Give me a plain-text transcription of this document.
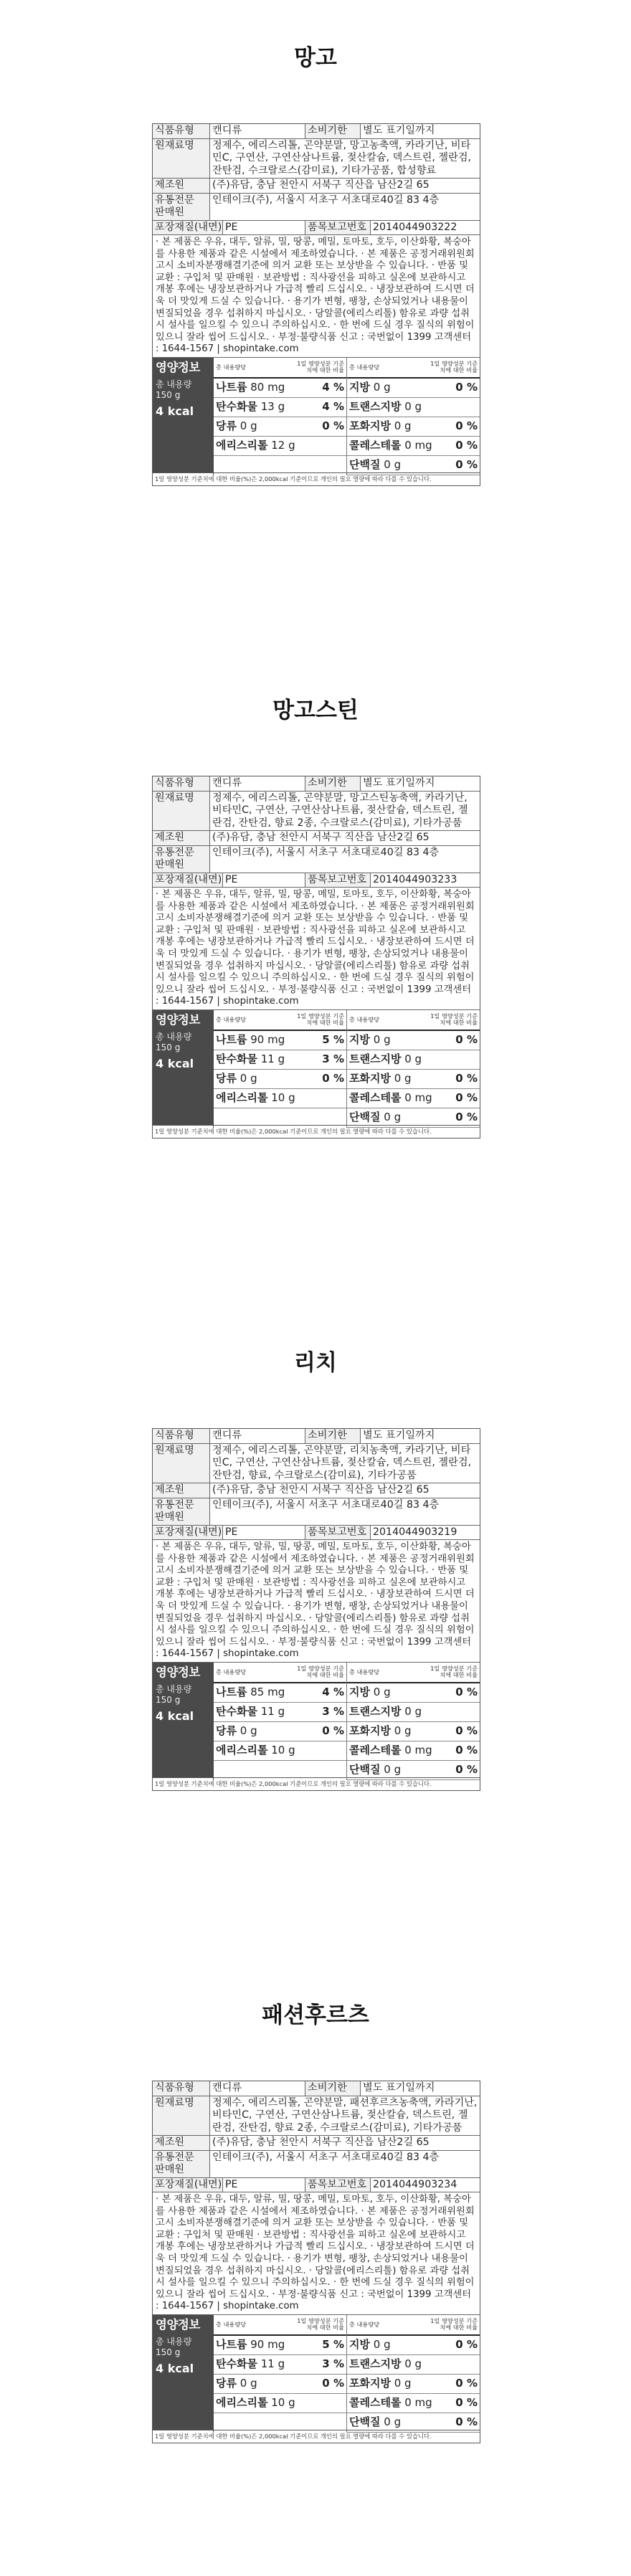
망고
식품유형	캔디류	소비기한	별도 표기일까지
원재료명	정제수, 에리스리톨, 곤약분말, 망고농축액, 카라기난, 비타민C, 구연산, 구연산삼나트륨, 젖산칼슘, 덱스트린, 젤란검, 잔탄검, 수크랄로스(감미료), 기타가공품, 합성향료
제조원	(주)유담, 충남 천안시 서북구 직산읍 남산2길 65
유통전문 판매원
인테이크(주), 서울시 서초구 서초대로40길 83 4층
포장재질(내면) PE	품목보고번호 2014044903222
· 본 제품은 우유, 대두, 알류, 밀, 땅콩, 메밀, 토마토, 호두, 이산화황, 복숭아를 사용한 제품과 같은 시설에서 제조하였습니다. · 본 제품은 공정거래위원회고시 소비자분쟁해결기준에 의거 교환 또는 보상받을 수 있습니다. · 반품 및 교환 : 구입처 및 판매원 · 보관방법 : 직사광선을 피하고 실온에 보관하시고 개봉 후에는 냉장보관하거나 가급적 빨리 드십시오. · 냉장보관하여 드시면 더욱 더 맛있게 드실 수 있습니다. · 용기가 변형, 팽창, 손상되었거나 내용물이 변질되었을 경우 섭취하지 마십시오. · 당알콜(에리스리톨) 함유로 과량 섭취 시 설사를 일으킬 수 있으니 주의하십시오. · 한 번에 드실 경우 질식의 위험이 있으니 잘라 씹어 드십시오. · 부정·불량식품 신고 : 국번없이 1399 고객센터 : 1644-1567 | shopintake.com
영양정보
총 내용량 150 g
4 kcal
총 내용량당	1일 영양성분 기준치에 대한 비율
나트륨 80 mg	4 %
탄수화물 13 g	4 %
당류 0 g	0 %
에리스리톨 12 g
총 내용량당	1일 영양성분 기준치에 대한 비율
지방 0 g	0 %
트랜스지방 0 g
포화지방 0 g	0 %
콜레스테롤 0 mg 0 %
단백질 0 g	0 %
1일 영양성분 기준치에 대한 비율(%)은 2,000kcal 기준이므로 개인의 필요 열량에 따라 다를 수 있습니다.
망고스틴
식품유형	캔디류	소비기한	별도 표기일까지
원재료명	정제수, 에리스리톨, 곤약분말, 망고스틴농축액, 카라기난, 비타민C, 구연산, 구연산삼나트륨, 젖산칼슘, 덱스트린, 젤란검, 잔탄검, 향료 2종, 수크랄로스(감미료), 기타가공품
제조원	(주)유담, 충남 천안시 서북구 직산읍 남산2길 65
유통전문 판매원
인테이크(주), 서울시 서초구 서초대로40길 83 4층
포장재질(내면) PE	품목보고번호 2014044903233
· 본 제품은 우유, 대두, 알류, 밀, 땅콩, 메밀, 토마토, 호두, 이산화황, 복숭아를 사용한 제품과 같은 시설에서 제조하였습니다. · 본 제품은 공정거래위원회고시 소비자분쟁해결기준에 의거 교환 또는 보상받을 수 있습니다. · 반품 및 교환 : 구입처 및 판매원 · 보관방법 : 직사광선을 피하고 실온에 보관하시고 개봉 후에는 냉장보관하거나 가급적 빨리 드십시오. · 냉장보관하여 드시면 더욱 더 맛있게 드실 수 있습니다. · 용기가 변형, 팽창, 손상되었거나 내용물이 변질되었을 경우 섭취하지 마십시오. · 당알콜(에리스리톨) 함유로 과량 섭취 시 설사를 일으킬 수 있으니 주의하십시오. · 한 번에 드실 경우 질식의 위험이 있으니 잘라 씹어 드십시오. · 부정·불량식품 신고 : 국번없이 1399 고객센터 : 1644-1567 | shopintake.com
영양정보
총 내용량 150 g
4 kcal
총 내용량당	1일 영양성분 기준치에 대한 비율
나트륨 90 mg	5 %
탄수화물 11 g	3 %
당류 0 g	0 %
에리스리톨 10 g
총 내용량당	1일 영양성분 기준치에 대한 비율
지방 0 g	0 %
트랜스지방 0 g
포화지방 0 g	0 %
콜레스테롤 0 mg 0 %
단백질 0 g	0 %
1일 영양성분 기준치에 대한 비율(%)은 2,000kcal 기준이므로 개인의 필요 열량에 따라 다를 수 있습니다.
리치
식품유형	캔디류	소비기한	별도 표기일까지
원재료명	정제수, 에리스리톨, 곤약분말, 리치농축액, 카라기난, 비타민C, 구연산, 구연산삼나트륨, 젖산칼슘, 덱스트린, 젤란검, 잔탄검, 향료, 수크랄로스(감미료), 기타가공품
제조원	(주)유담, 충남 천안시 서북구 직산읍 남산2길 65
유통전문 판매원
인테이크(주), 서울시 서초구 서초대로40길 83 4층
포장재질(내면) PE	품목보고번호 2014044903219
· 본 제품은 우유, 대두, 알류, 밀, 땅콩, 메밀, 토마토, 호두, 이산화황, 복숭아를 사용한 제품과 같은 시설에서 제조하였습니다. · 본 제품은 공정거래위원회고시 소비자분쟁해결기준에 의거 교환 또는 보상받을 수 있습니다. · 반품 및 교환 : 구입처 및 판매원 · 보관방법 : 직사광선을 피하고 실온에 보관하시고 개봉 후에는 냉장보관하거나 가급적 빨리 드십시오. · 냉장보관하여 드시면 더욱 더 맛있게 드실 수 있습니다. · 용기가 변형, 팽창, 손상되었거나 내용물이 변질되었을 경우 섭취하지 마십시오. · 당알콜(에리스리톨) 함유로 과량 섭취 시 설사를 일으킬 수 있으니 주의하십시오. · 한 번에 드실 경우 질식의 위험이 있으니 잘라 씹어 드십시오. · 부정·불량식품 신고 : 국번없이 1399 고객센터 : 1644-1567 | shopintake.com
영양정보
총 내용량 150 g
4 kcal
총 내용량당	1일 영양성분 기준치에 대한 비율
나트륨 85 mg	4 %
탄수화물 11 g	3 %
당류 0 g	0 %
에리스리톨 10 g
총 내용량당	1일 영양성분 기준치에 대한 비율
지방 0 g	0 %
트랜스지방 0 g
포화지방 0 g	0 %
콜레스테롤 0 mg 0 %
단백질 0 g	0 %
1일 영양성분 기준치에 대한 비율(%)은 2,000kcal 기준이므로 개인의 필요 열량에 따라 다를 수 있습니다.
패션후르츠
식품유형	캔디류	소비기한	별도 표기일까지
원재료명	정제수, 에리스리톨, 곤약분말, 패션후르츠농축액, 카라기난, 비타민C, 구연산, 구연산삼나트륨, 젖산칼슘, 덱스트린, 젤란검, 잔탄검, 향료 2종, 수크랄로스(감미료), 기타가공품
제조원	(주)유담, 충남 천안시 서북구 직산읍 남산2길 65
유통전문 판매원
인테이크(주), 서울시 서초구 서초대로40길 83 4층
포장재질(내면) PE	품목보고번호 2014044903234
· 본 제품은 우유, 대두, 알류, 밀, 땅콩, 메밀, 토마토, 호두, 이산화황, 복숭아를 사용한 제품과 같은 시설에서 제조하였습니다. · 본 제품은 공정거래위원회고시 소비자분쟁해결기준에 의거 교환 또는 보상받을 수 있습니다. · 반품 및 교환 : 구입처 및 판매원 · 보관방법 : 직사광선을 피하고 실온에 보관하시고 개봉 후에는 냉장보관하거나 가급적 빨리 드십시오. · 냉장보관하여 드시면 더욱 더 맛있게 드실 수 있습니다. · 용기가 변형, 팽창, 손상되었거나 내용물이 변질되었을 경우 섭취하지 마십시오. · 당알콜(에리스리톨) 함유로 과량 섭취 시 설사를 일으킬 수 있으니 주의하십시오. · 한 번에 드실 경우 질식의 위험이 있으니 잘라 씹어 드십시오. · 부정·불량식품 신고 : 국번없이 1399 고객센터 : 1644-1567 | shopintake.com
영양정보
총 내용량 150 g
4 kcal
총 내용량당	1일 영양성분 기준치에 대한 비율
나트륨 90 mg	5 %
탄수화물 11 g	3 %
당류 0 g	0 %
에리스리톨 10 g
총 내용량당	1일 영양성분 기준치에 대한 비율
지방 0 g	0 %
트랜스지방 0 g
포화지방 0 g	0 %
콜레스테롤 0 mg 0 %
단백질 0 g	0 %
1일 영양성분 기준치에 대한 비율(%)은 2,000kcal 기준이므로 개인의 필요 열량에 따라 다를 수 있습니다.
